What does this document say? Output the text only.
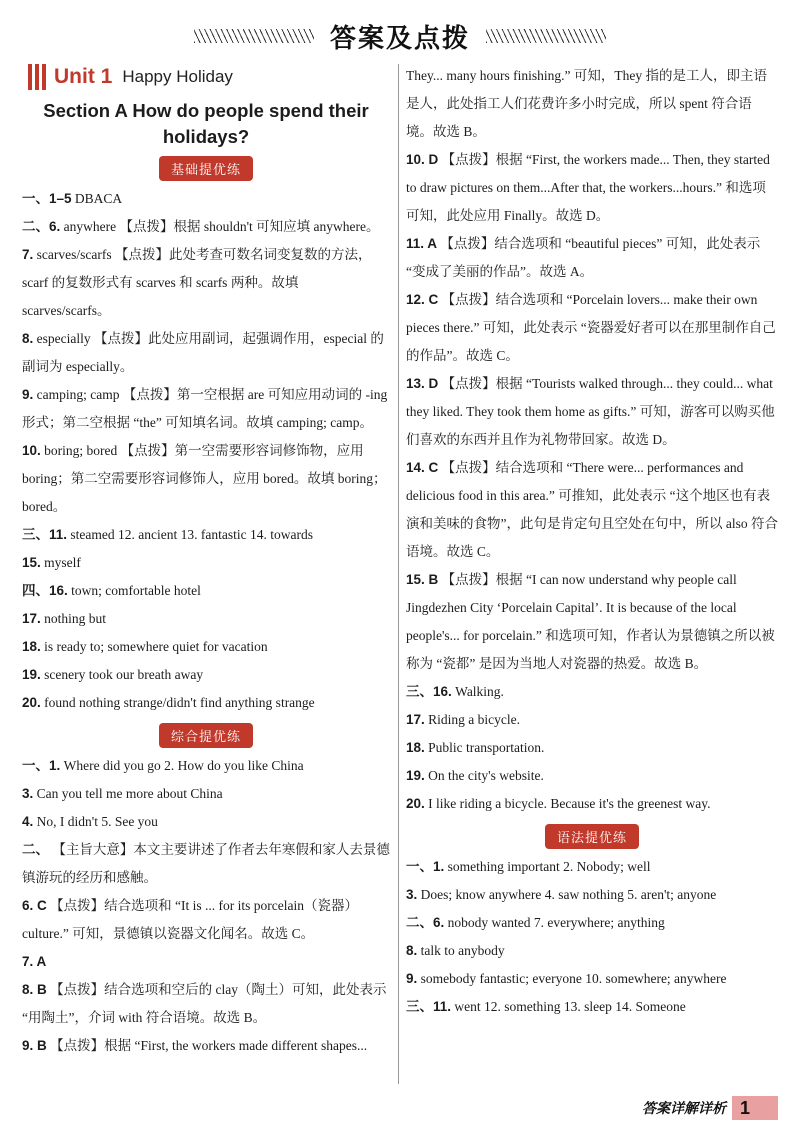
答案及点拨
Unit 1 Happy Holiday
Section A How do people spend their
holidays?
基础提优练
一、1–5 DBACA
二、6. anywhere 【点拨】根据 shouldn't 可知应填 anywhere。
7. scarves/scarfs 【点拨】此处考查可数名词变复数的方法，scarf 的复数形式有 scarves 和 scarfs 两种。故填 scarves/scarfs。
8. especially 【点拨】此处应用副词，起强调作用，especial 的副词为 especially。
9. camping; camp 【点拨】第一空根据 are 可知应用动词的 -ing 形式；第二空根据 “the” 可知填名词。故填 camping; camp。
10. boring; bored 【点拨】第一空需要形容词修饰物，应用 boring；第二空需要形容词修饰人，应用 bored。故填 boring；bored。
三、11. steamed 12. ancient 13. fantastic 14. towards
15. myself
四、16. town; comfortable hotel
17. nothing but
18. is ready to; somewhere quiet for vacation
19. scenery took our breath away
20. found nothing strange/didn't find anything strange
综合提优练
一、1. Where did you go 2. How do you like China
3. Can you tell me more about China
4. No, I didn't 5. See you
二、 【主旨大意】本文主要讲述了作者去年寒假和家人去景德镇游玩的经历和感触。
6. C 【点拨】结合选项和 “It is ... for its porcelain（瓷器）culture.” 可知，景德镇以瓷器文化闻名。故选 C。
7. A
8. B 【点拨】结合选项和空后的 clay（陶土）可知，此处表示 “用陶土”，介词 with 符合语境。故选 B。
9. B 【点拨】根据 “First, the workers made different shapes...
They... many hours finishing.” 可知，They 指的是工人，即主语是人，此处指工人们花费许多小时完成，所以 spent 符合语境。故选 B。
10. D 【点拨】根据 “First, the workers made... Then, they started to draw pictures on them...After that, the workers...hours.” 和选项可知，此处应用 Finally。故选 D。
11. A 【点拨】结合选项和 “beautiful pieces” 可知，此处表示 “变成了美丽的作品”。故选 A。
12. C 【点拨】结合选项和 “Porcelain lovers... make their own pieces there.” 可知，此处表示 “瓷器爱好者可以在那里制作自己的作品”。故选 C。
13. D 【点拨】根据 “Tourists walked through... they could... what they liked. They took them home as gifts.” 可知，游客可以购买他们喜欢的东西并且作为礼物带回家。故选 D。
14. C 【点拨】结合选项和 “There were... performances and delicious food in this area.” 可推知，此处表示 “这个地区也有表演和美味的食物”，此句是肯定句且空处在句中，所以 also 符合语境。故选 C。
15. B 【点拨】根据 “I can now understand why people call Jingdezhen City ‘Porcelain Capital’. It is because of the local people's... for porcelain.” 和选项可知，作者认为景德镇之所以被称为 “瓷都” 是因为当地人对瓷器的热爱。故选 B。
三、16. Walking.
17. Riding a bicycle.
18. Public transportation.
19. On the city's website.
20. I like riding a bicycle. Because it's the greenest way.
语法提优练
一、1. something important 2. Nobody; well
3. Does; know anywhere 4. saw nothing 5. aren't; anyone
二、6. nobody wanted 7. everywhere; anything
8. talk to anybody
9. somebody fantastic; everyone 10. somewhere; anywhere
三、11. went 12. something 13. sleep 14. Someone
答案详解详析 1
